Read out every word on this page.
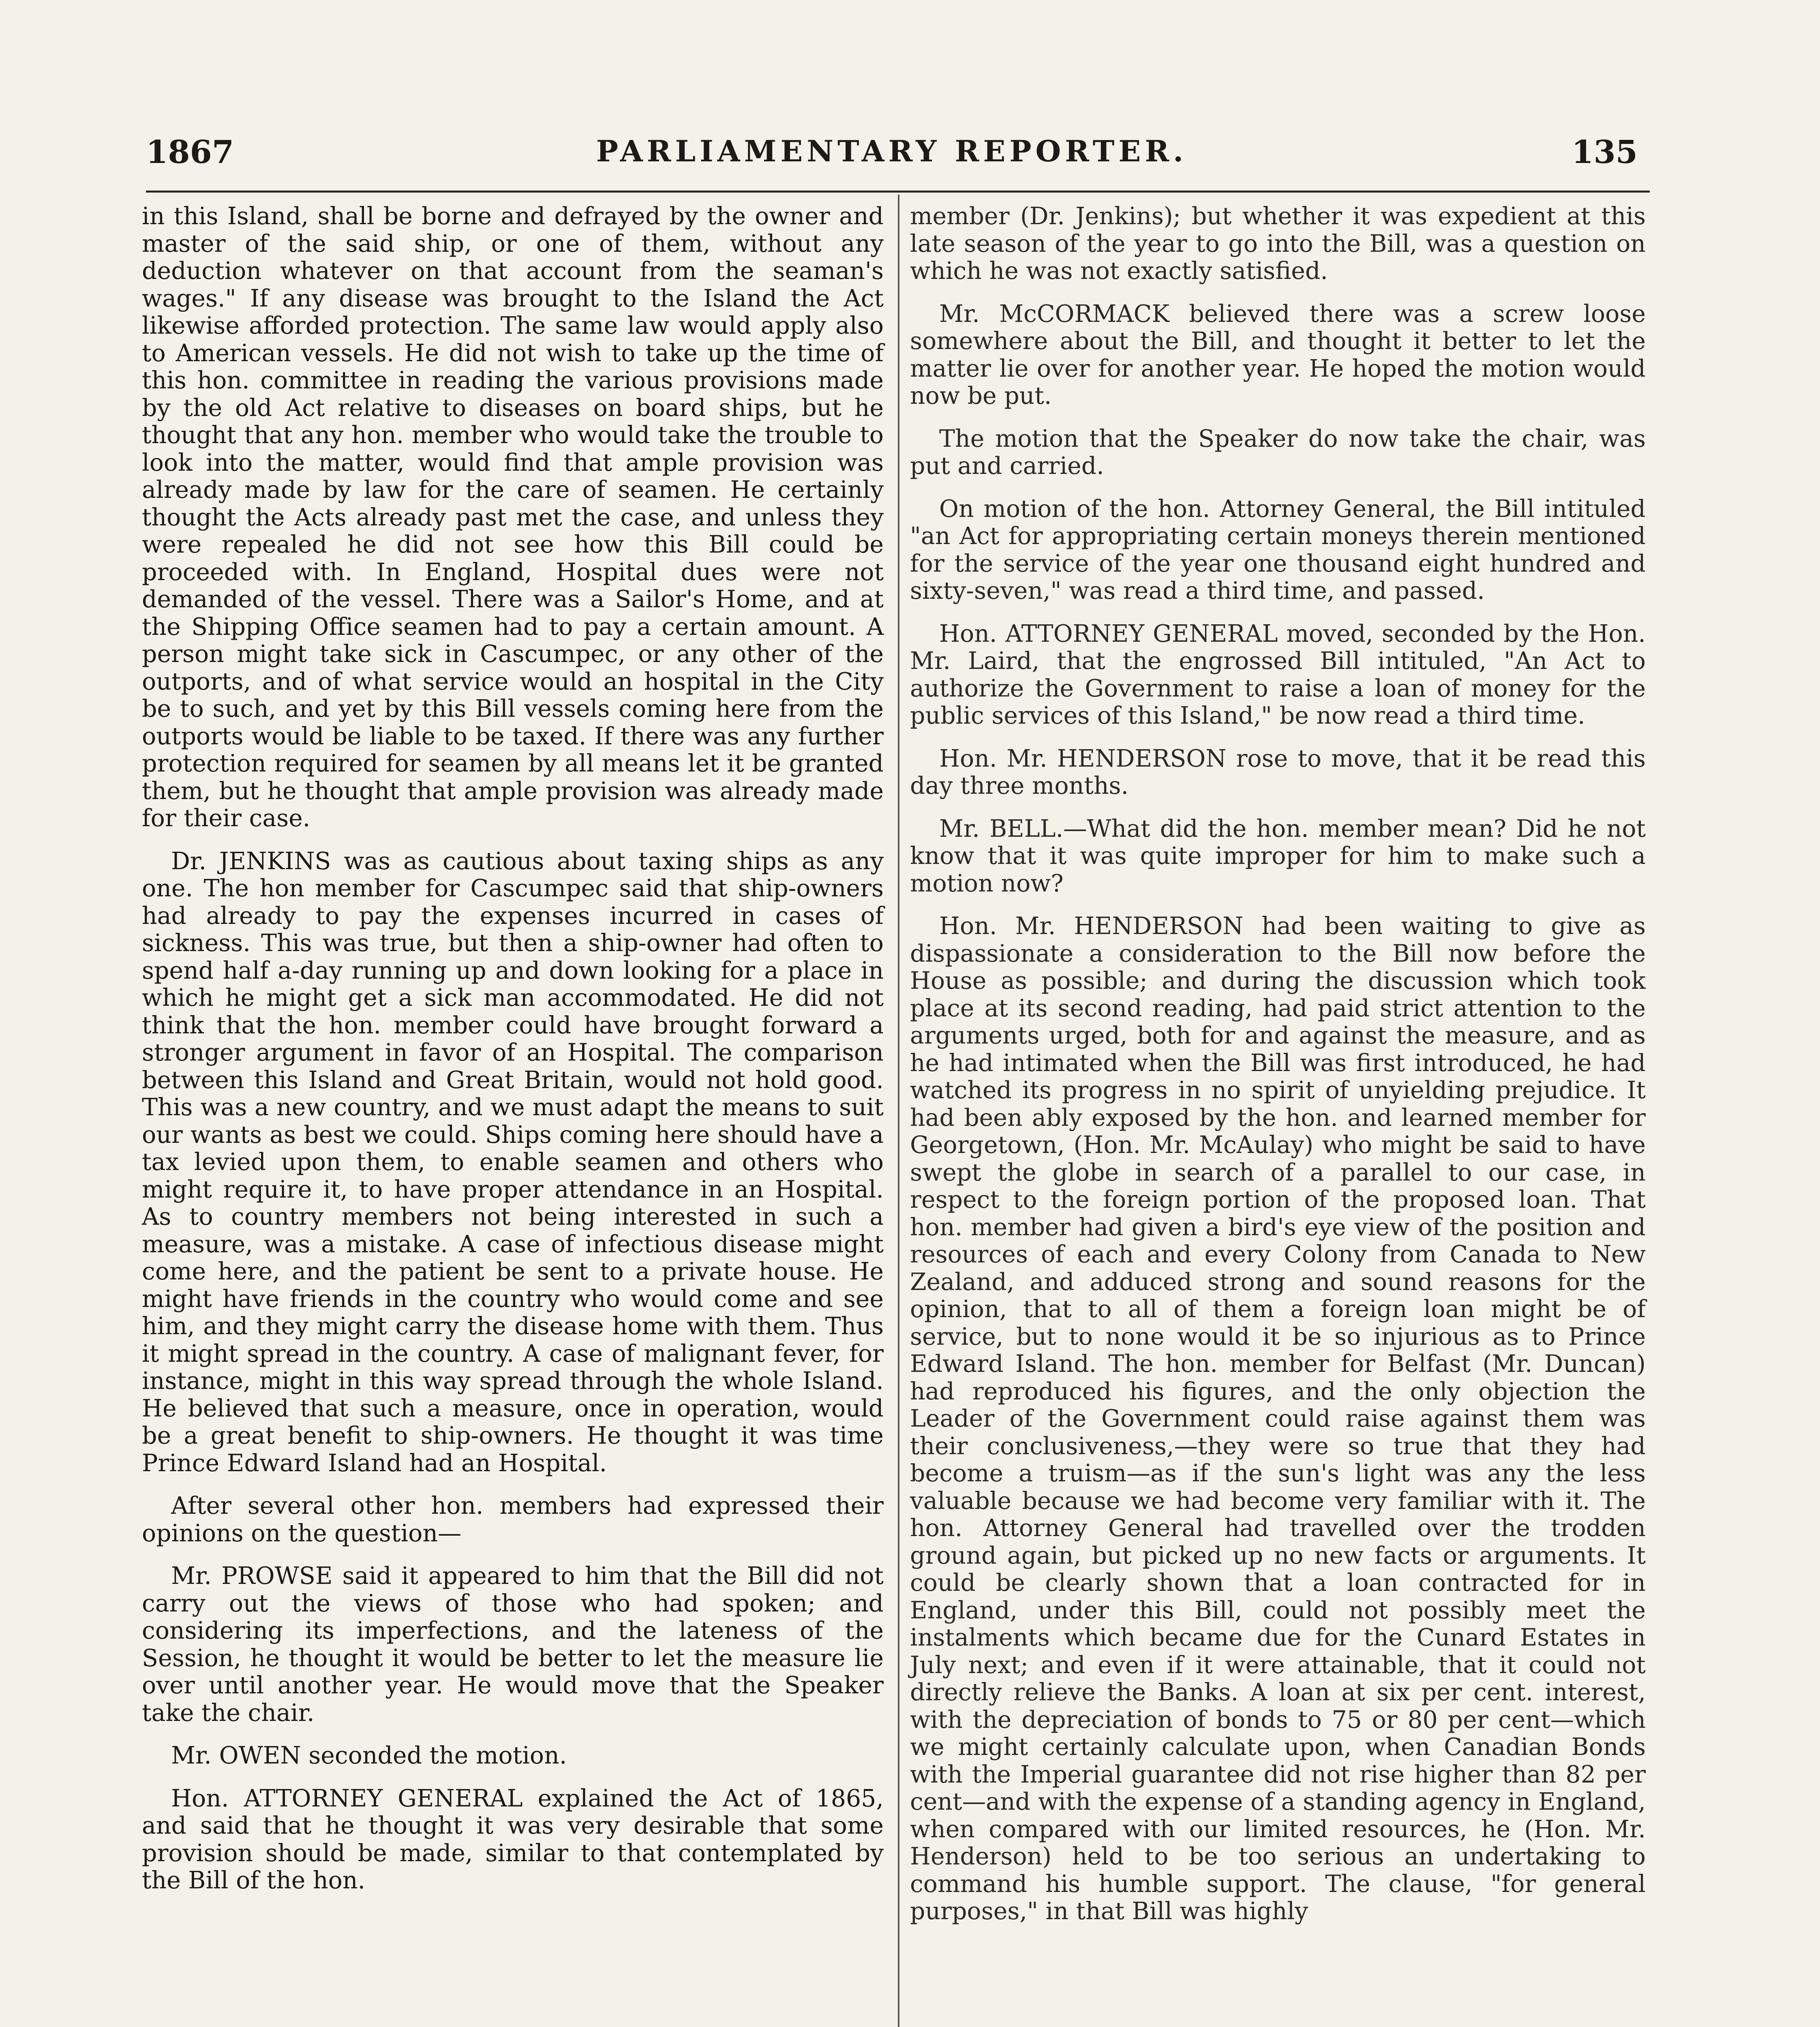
1867	PARLIAMENTARY REPORTER.	135

in this Island, shall be borne and defrayed by the owner and master of the said ship, or one of them, without any deduction whatever on that account from the seaman's wages." If any disease was brought to the Island the Act likewise afforded protection. The same law would apply also to American vessels. He did not wish to take up the time of this hon. committee in reading the various provisions made by the old Act relative to diseases on board ships, but he thought that any hon. member who would take the trouble to look into the matter, would find that ample provision was already made by law for the care of seamen. He certainly thought the Acts already past met the case, and unless they were repealed he did not see how this Bill could be proceeded with. In England, Hospital dues were not demanded of the vessel. There was a Sailor's Home, and at the Shipping Office seamen had to pay a certain amount. A person might take sick in Cascumpec, or any other of the outports, and of what service would an hospital in the City be to such, and yet by this Bill vessels coming here from the outports would be liable to be taxed. If there was any further protection required for seamen by all means let it be granted them, but he thought that ample provision was already made for their case.

Dr. JENKINS was as cautious about taxing ships as any one. The hon member for Cascumpec said that ship-owners had already to pay the expenses incurred in cases of sickness. This was true, but then a ship-owner had often to spend half a-day running up and down looking for a place in which he might get a sick man accommodated. He did not think that the hon. member could have brought forward a stronger argument in favor of an Hospital. The comparison between this Island and Great Britain, would not hold good. This was a new country, and we must adapt the means to suit our wants as best we could. Ships coming here should have a tax levied upon them, to enable seamen and others who might require it, to have proper attendance in an Hospital. As to country members not being interested in such a measure, was a mistake. A case of infectious disease might come here, and the patient be sent to a private house. He might have friends in the country who would come and see him, and they might carry the disease home with them. Thus it might spread in the country. A case of malignant fever, for instance, might in this way spread through the whole Island. He believed that such a measure, once in operation, would be a great benefit to ship-owners. He thought it was time Prince Edward Island had an Hospital.

After several other hon. members had expressed their opinions on the question—

Mr. PROWSE said it appeared to him that the Bill did not carry out the views of those who had spoken; and considering its imperfections, and the lateness of the Session, he thought it would be better to let the measure lie over until another year. He would move that the Speaker take the chair.

Mr. OWEN seconded the motion.

Hon. ATTORNEY GENERAL explained the Act of 1865, and said that he thought it was very desirable that some provision should be made, similar to that contemplated by the Bill of the hon.

member (Dr. Jenkins); but whether it was expedient at this late season of the year to go into the Bill, was a question on which he was not exactly satisfied.

Mr. McCORMACK believed there was a screw loose somewhere about the Bill, and thought it better to let the matter lie over for another year. He hoped the motion would now be put.

The motion that the Speaker do now take the chair, was put and carried.

On motion of the hon. Attorney General, the Bill intituled "an Act for appropriating certain moneys therein mentioned for the service of the year one thousand eight hundred and sixty-seven," was read a third time, and passed.

Hon. ATTORNEY GENERAL moved, seconded by the Hon. Mr. Laird, that the engrossed Bill intituled, "An Act to authorize the Government to raise a loan of money for the public services of this Island," be now read a third time.

Hon. Mr. HENDERSON rose to move, that it be read this day three months.

Mr. BELL.—What did the hon. member mean? Did he not know that it was quite improper for him to make such a motion now?

Hon. Mr. HENDERSON had been waiting to give as dispassionate a consideration to the Bill now before the House as possible; and during the discussion which took place at its second reading, had paid strict attention to the arguments urged, both for and against the measure, and as he had intimated when the Bill was first introduced, he had watched its progress in no spirit of unyielding prejudice. It had been ably exposed by the hon. and learned member for Georgetown, (Hon. Mr. McAulay) who might be said to have swept the globe in search of a parallel to our case, in respect to the foreign portion of the proposed loan. That hon. member had given a bird's eye view of the position and resources of each and every Colony from Canada to New Zealand, and adduced strong and sound reasons for the opinion, that to all of them a foreign loan might be of service, but to none would it be so injurious as to Prince Edward Island. The hon. member for Belfast (Mr. Duncan) had reproduced his figures, and the only objection the Leader of the Government could raise against them was their conclusiveness,—they were so true that they had become a truism—as if the sun's light was any the less valuable because we had become very familiar with it. The hon. Attorney General had travelled over the trodden ground again, but picked up no new facts or arguments. It could be clearly shown that a loan contracted for in England, under this Bill, could not possibly meet the instalments which became due for the Cunard Estates in July next; and even if it were attainable, that it could not directly relieve the Banks. A loan at six per cent. interest, with the depreciation of bonds to 75 or 80 per cent—which we might certainly calculate upon, when Canadian Bonds with the Imperial guarantee did not rise higher than 82 per cent—and with the expense of a standing agency in England, when compared with our limited resources, he (Hon. Mr. Henderson) held to be too serious an undertaking to command his humble support. The clause, "for general purposes," in that Bill was highly
